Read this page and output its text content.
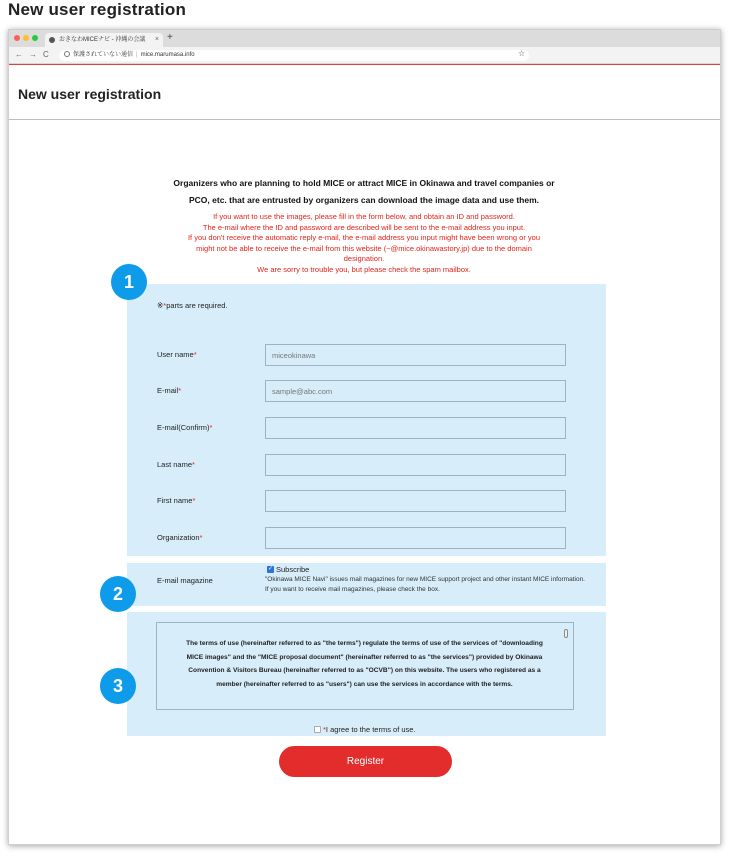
New user registration
おきなわMICEナビ - 沖縄の会議 × +
← → C	保護されていない通信 | mice.marumasa.info	☆
New user registration
Organizers who are planning to hold MICE or attract MICE in Okinawa and travel companies or
PCO, etc. that are entrusted by organizers can download the image data and use them.
If you want to use the images, please fill in the form below, and obtain an ID and password.
The e-mail where the ID and password are described will be sent to the e-mail address you input.
If you don't receive the automatic reply e-mail, the e-mail address you input might have been wrong or you
might not be able to receive the e-mail from this website (~@mice.okinawastory.jp) due to the domain
designation.
We are sorry to trouble you, but please check the spam mailbox.
※*parts are required.
User name*
miceokinawa
E-mail*
sample@abc.com
E-mail(Confirm)*
Last name*
First name*
Organization*
E-mail magazine
✓ Subscribe
"Okinawa MICE Navi" issues mail magazines for new MICE support project and other instant MICE information. If you want to receive mail magazines, please check the box.
The terms of use (hereinafter referred to as "the terms") regulate the terms of use of the services of "downloading MICE images" and the "MICE proposal document" (hereinafter referred to as "the services") provided by Okinawa Convention & Visitors Bureau (hereinafter referred to as "OCVB") on this website. The users who registered as a member (hereinafter referred to as "users") can use the services in accordance with the terms.
*I agree to the terms of use.
Register
1
2
3
